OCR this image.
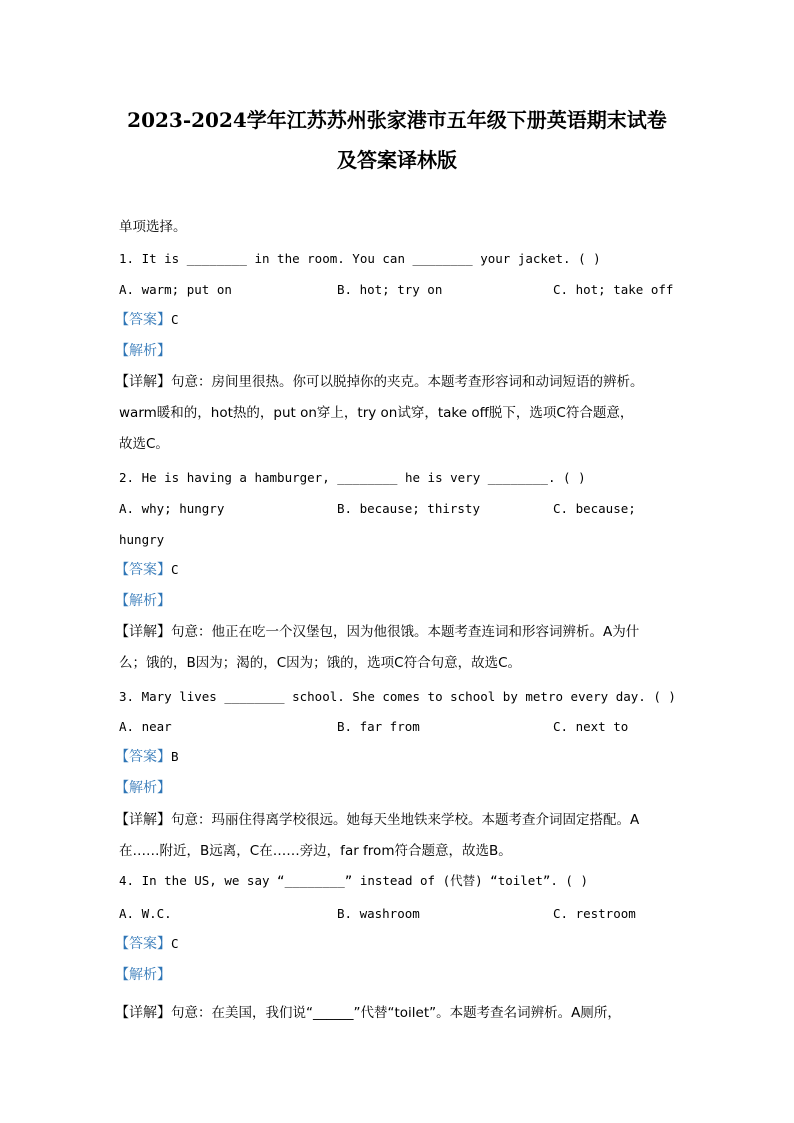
2023-2024学年江苏苏州张家港市五年级下册英语期末试卷
及答案译林版
单项选择。
1. It is ________ in the room. You can ________ your jacket. ( )
A. warm; put on	B. hot; try on	C. hot; take off
【答案】C
【解析】
【详解】句意：房间里很热。你可以脱掉你的夹克。本题考查形容词和动词短语的辨析。
warm暖和的，hot热的，put on穿上，try on试穿，take off脱下，选项C符合题意，
故选C。
2. He is having a hamburger, ________ he is very ________. ( )
A. why; hungry	B. because; thirsty	C. because;
hungry
【答案】C
【解析】
【详解】句意：他正在吃一个汉堡包，因为他很饿。本题考查连词和形容词辨析。A为什
么；饿的，B因为；渴的，C因为；饿的，选项C符合句意，故选C。
3. Mary lives ________ school. She comes to school by metro every day. ( )
A. near	B. far from	C. next to
【答案】B
【解析】
【详解】句意：玛丽住得离学校很远。她每天坐地铁来学校。本题考查介词固定搭配。A
在……附近，B远离，C在……旁边，far from符合题意，故选B。
4. In the US, we say “________” instead of (代替) “toilet”. ( )
A. W.C.	B. washroom	C. restroom
【答案】C
【解析】
【详解】句意：在美国，我们说“______”代替“toilet”。本题考查名词辨析。A厕所，
